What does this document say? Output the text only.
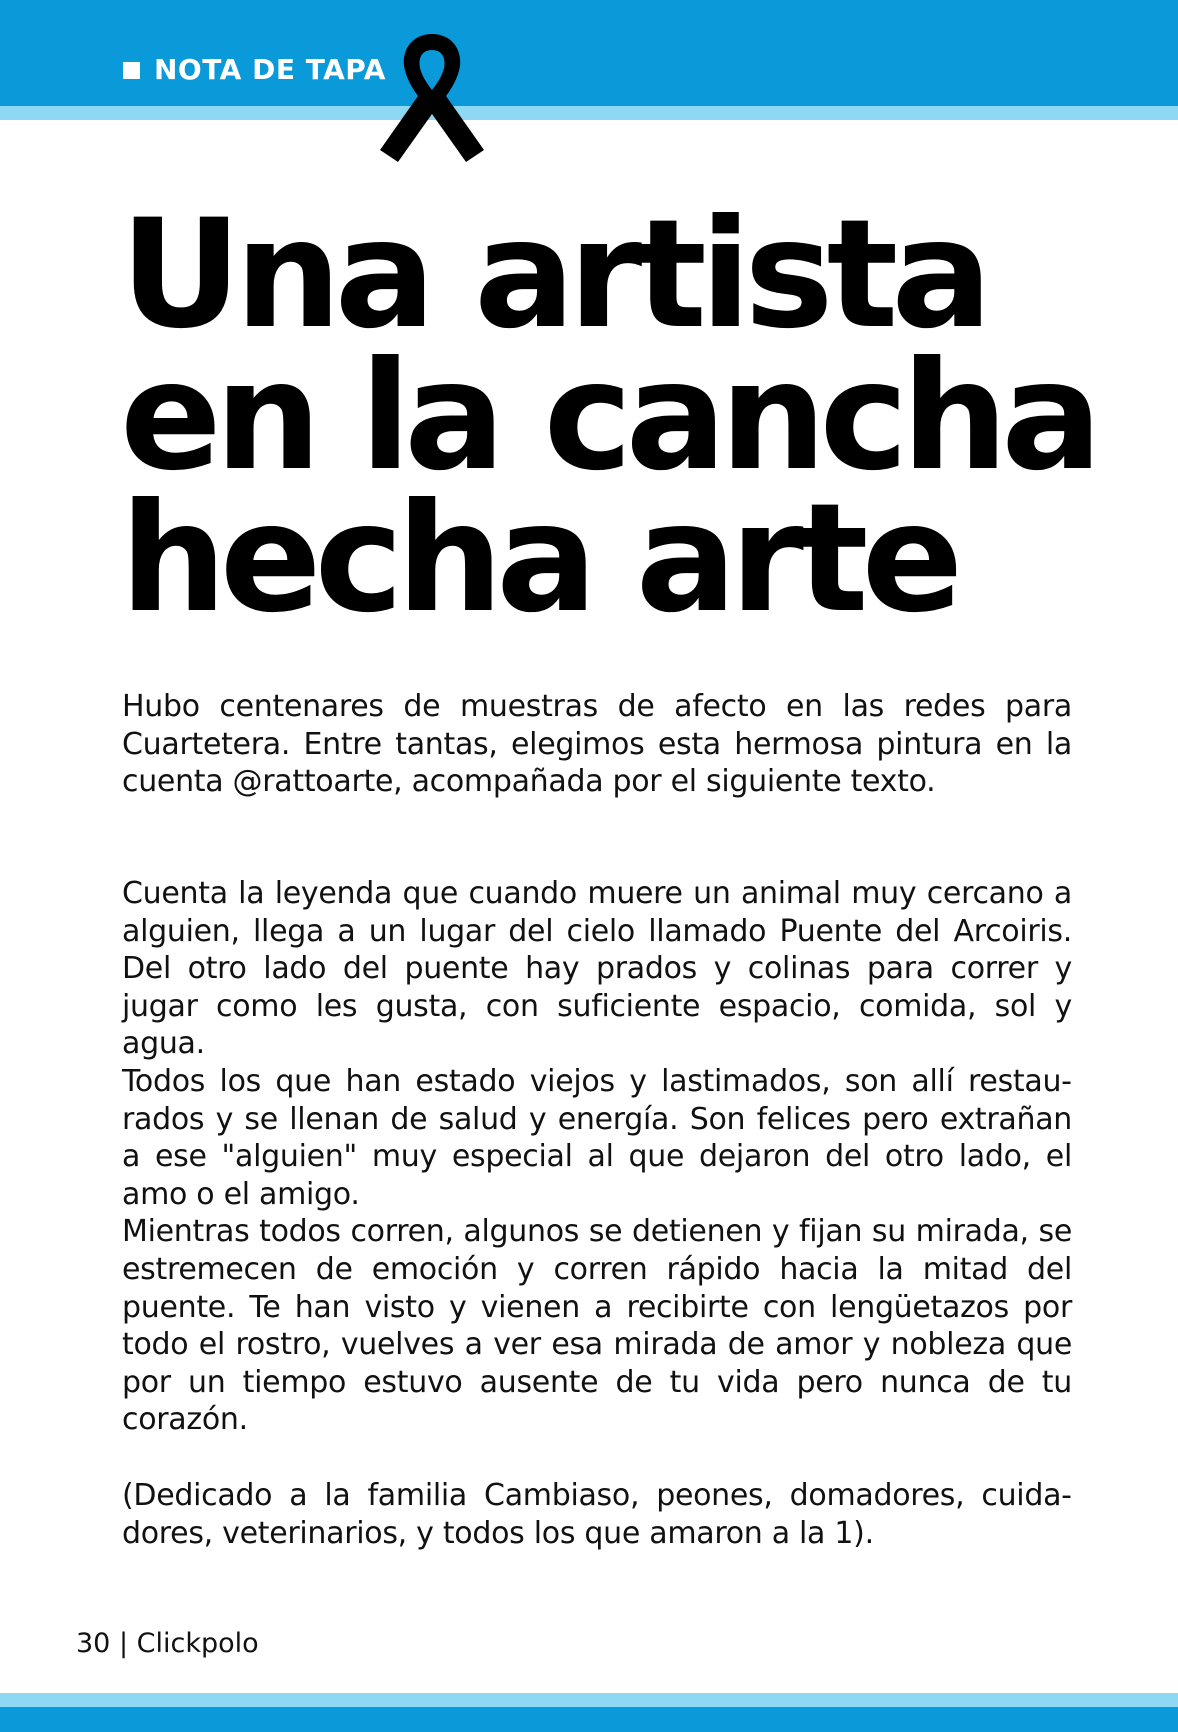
NOTA DE TAPA
Una artista
en la cancha
hecha arte

Hubo centenares de muestras de afecto en las redes para Cuartetera. Entre tantas, elegimos esta hermosa pintura en la cuenta @rattoarte, acompañada por el siguiente texto.

Cuenta la leyenda que cuando muere un animal muy cercano a alguien, llega a un lugar del cielo llamado Puente del Arcoiris. Del otro lado del puente hay prados y colinas para correr y jugar como les gusta, con suficiente espacio, comida, sol y agua.

Todos los que han estado viejos y lastimados, son allí restaurados y se llenan de salud y energía. Son felices pero extrañan a ese "alguien" muy especial al que dejaron del otro lado, el amo o el amigo.

Mientras todos corren, algunos se detienen y fijan su mirada, se estremecen de emoción y corren rápido hacia la mitad del puente. Te han visto y vienen a recibirte con lengüetazos por todo el rostro, vuelves a ver esa mirada de amor y nobleza que por un tiempo estuvo ausente de tu vida pero nunca de tu corazón.

(Dedicado a la familia Cambiaso, peones, domadores, cuidadores, veterinarios, y todos los que amaron a la 1).

30 | Clickpolo
